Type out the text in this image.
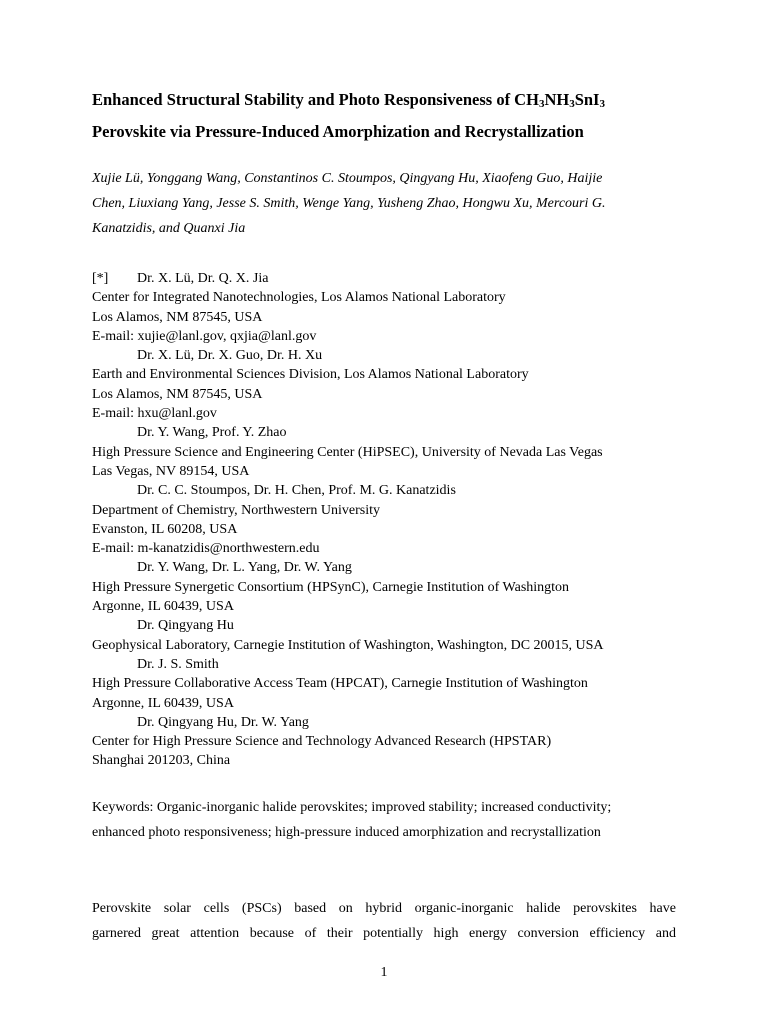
Enhanced Structural Stability and Photo Responsiveness of $CH_3NH_3SnI_3$
Perovskite via Pressure-Induced Amorphization and Recrystallization
Xujie Lü, Yonggang Wang, Constantinos C. Stoumpos, Qingyang Hu, Xiaofeng Guo, Haijie
Chen, Liuxiang Yang, Jesse S. Smith, Wenge Yang, Yusheng Zhao, Hongwu Xu, Mercouri G.
Kanatzidis, and Quanxi Jia
[*] Dr. X. Lü, Dr. Q. X. Jia
Center for Integrated Nanotechnologies, Los Alamos National Laboratory
Los Alamos, NM 87545, USA
E-mail: xujie@lanl.gov, qxjia@lanl.gov
Dr. X. Lü, Dr. X. Guo, Dr. H. Xu
Earth and Environmental Sciences Division, Los Alamos National Laboratory
Los Alamos, NM 87545, USA
E-mail: hxu@lanl.gov
Dr. Y. Wang, Prof. Y. Zhao
High Pressure Science and Engineering Center (HiPSEC), University of Nevada Las Vegas
Las Vegas, NV 89154, USA
Dr. C. C. Stoumpos, Dr. H. Chen, Prof. M. G. Kanatzidis
Department of Chemistry, Northwestern University
Evanston, IL 60208, USA
E-mail: m-kanatzidis@northwestern.edu
Dr. Y. Wang, Dr. L. Yang, Dr. W. Yang
High Pressure Synergetic Consortium (HPSynC), Carnegie Institution of Washington
Argonne, IL 60439, USA
Dr. Qingyang Hu
Geophysical Laboratory, Carnegie Institution of Washington, Washington, DC 20015, USA
Dr. J. S. Smith
High Pressure Collaborative Access Team (HPCAT), Carnegie Institution of Washington
Argonne, IL 60439, USA
Dr. Qingyang Hu, Dr. W. Yang
Center for High Pressure Science and Technology Advanced Research (HPSTAR)
Shanghai 201203, China
Keywords: Organic-inorganic halide perovskites; improved stability; increased conductivity;
enhanced photo responsiveness; high-pressure induced amorphization and recrystallization
Perovskite solar cells (PSCs) based on hybrid organic-inorganic halide perovskites have
garnered great attention because of their potentially high energy conversion efficiency and
1
